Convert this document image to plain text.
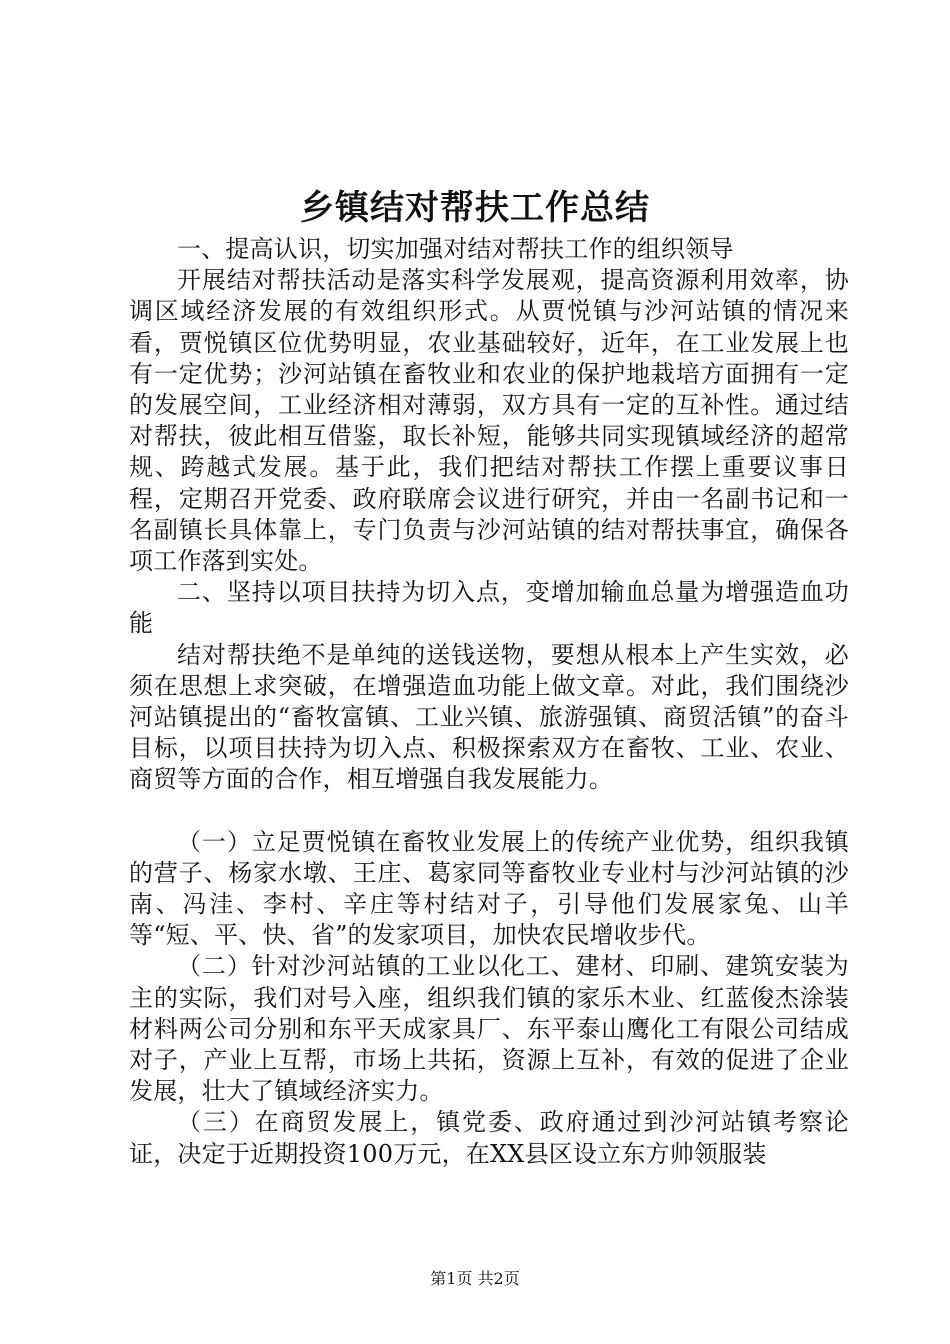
乡镇结对帮扶工作总结

一、提高认识，切实加强对结对帮扶工作的组织领导

开展结对帮扶活动是落实科学发展观，提高资源利用效率，协调区域经济发展的有效组织形式。从贾悦镇与沙河站镇的情况来看，贾悦镇区位优势明显，农业基础较好，近年，在工业发展上也有一定优势；沙河站镇在畜牧业和农业的保护地栽培方面拥有一定的发展空间，工业经济相对薄弱，双方具有一定的互补性。通过结对帮扶，彼此相互借鉴，取长补短，能够共同实现镇域经济的超常规、跨越式发展。基于此，我们把结对帮扶工作摆上重要议事日程，定期召开党委、政府联席会议进行研究，并由一名副书记和一名副镇长具体靠上，专门负责与沙河站镇的结对帮扶事宜，确保各项工作落到实处。

二、坚持以项目扶持为切入点，变增加输血总量为增强造血功能

结对帮扶绝不是单纯的送钱送物，要想从根本上产生实效，必须在思想上求突破，在增强造血功能上做文章。对此，我们围绕沙河站镇提出的“畜牧富镇、工业兴镇、旅游强镇、商贸活镇”的奋斗目标，以项目扶持为切入点、积极探索双方在畜牧、工业、农业、商贸等方面的合作，相互增强自我发展能力。

（一）立足贾悦镇在畜牧业发展上的传统产业优势，组织我镇的营子、杨家水墩、王庄、葛家同等畜牧业专业村与沙河站镇的沙南、冯洼、李村、辛庄等村结对子，引导他们发展家兔、山羊等“短、平、快、省”的发家项目，加快农民增收步代。

（二）针对沙河站镇的工业以化工、建材、印刷、建筑安装为主的实际，我们对号入座，组织我们镇的家乐木业、红蓝俊杰涂装材料两公司分别和东平天成家具厂、东平泰山鹰化工有限公司结成对子，产业上互帮，市场上共拓，资源上互补，有效的促进了企业发展，壮大了镇域经济实力。

（三）在商贸发展上，镇党委、政府通过到沙河站镇考察论证，决定于近期投资100万元，在XX县区设立东方帅领服装

第1页 共2页
